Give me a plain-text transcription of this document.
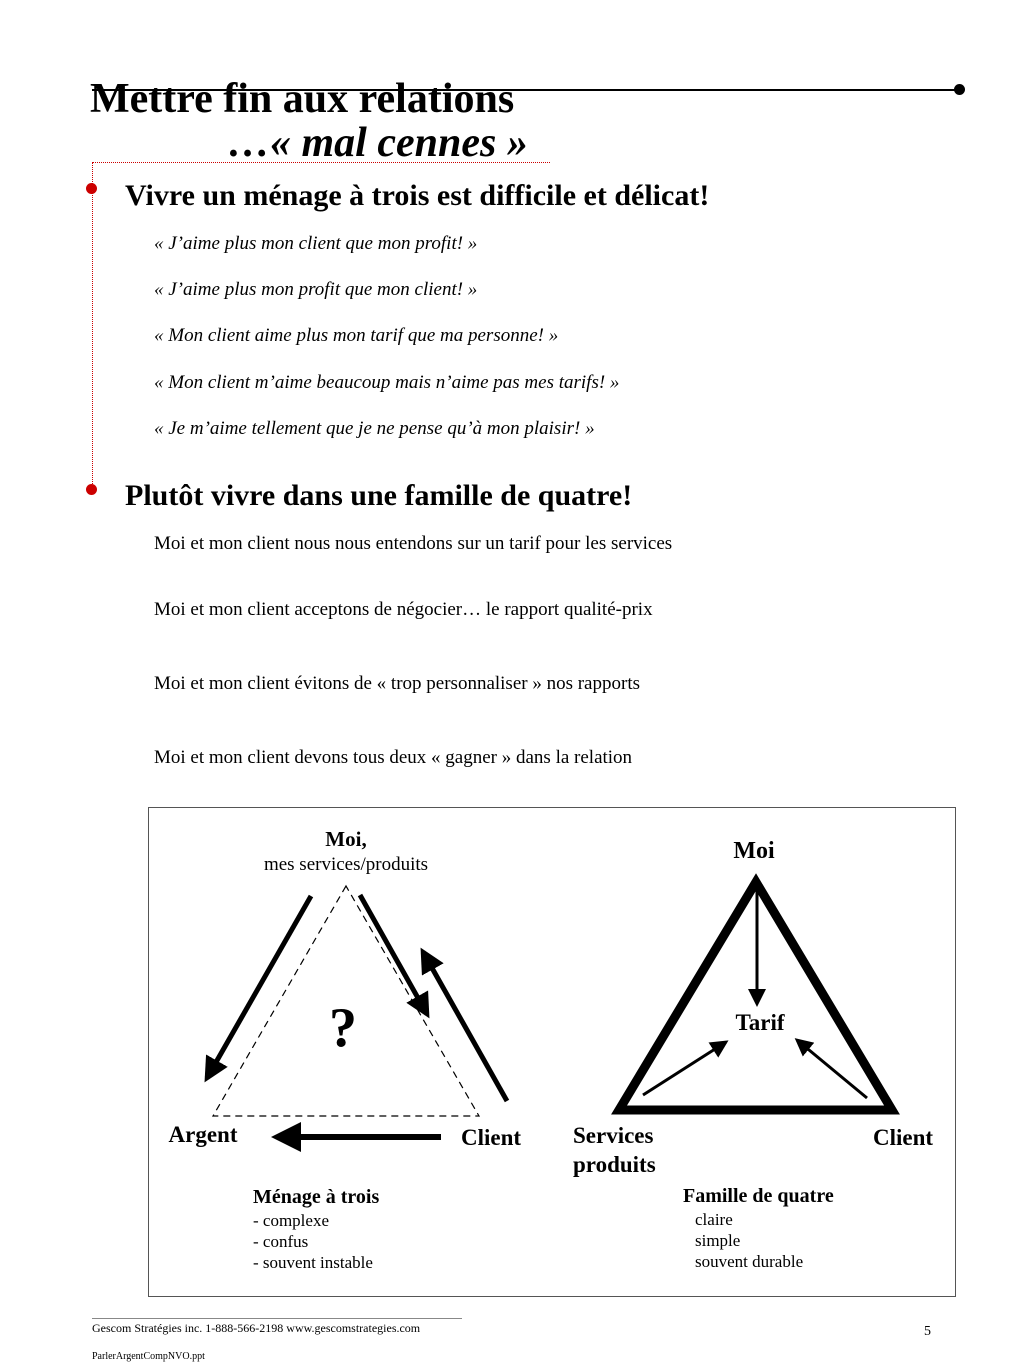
Mettre fin aux relations
…« mal cennes »
Vivre un ménage à trois est difficile et délicat!
« J’aime plus mon client que mon profit! »
« J’aime plus mon profit que mon client! »
« Mon client aime plus mon tarif que ma personne! »
« Mon client m’aime beaucoup mais n’aime pas mes tarifs! »
« Je m’aime tellement que je ne pense qu’à mon plaisir! »
Plutôt vivre dans une famille de quatre!
Moi et mon client nous nous entendons sur un tarif pour les services
Moi et mon client acceptons de négocier… le rapport qualité-prix
Moi et mon client évitons de « trop personnaliser » nos rapports
Moi et mon client devons tous deux « gagner » dans la relation
Moi,
mes services/produits
?
Argent	Client
Ménage à trois
- complexe
- confus
- souvent instable
Moi
Tarif
Services
produits
Client
Famille de quatre
claire
simple
souvent durable
Gescom Stratégies inc. 1-888-566-2198 www.gescomstrategies.com	5
ParlerArgentCompNVO.ppt
